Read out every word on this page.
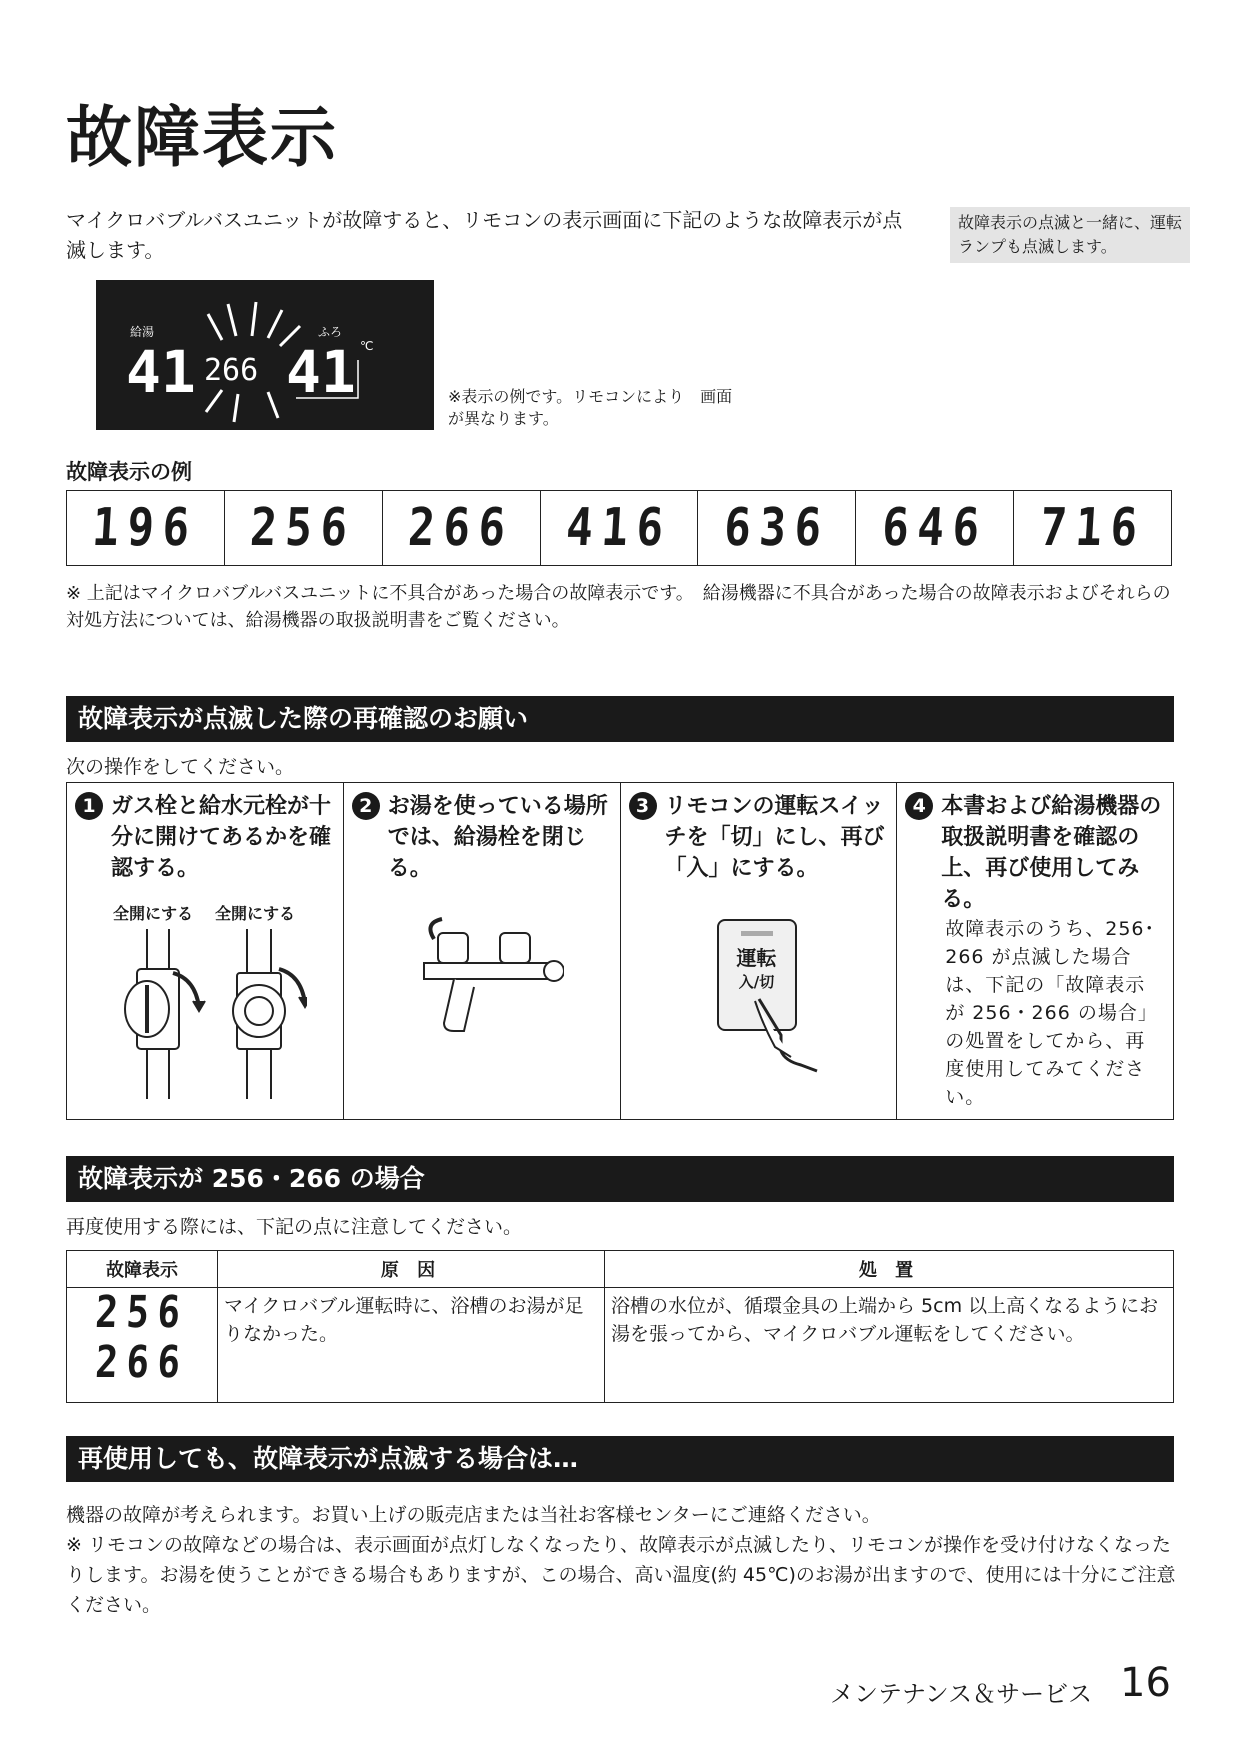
故障表示
マイクロバブルバスユニットが故障すると、リモコンの表示画面に下記のような故障表示が点滅します。
故障表示の点滅と一緒に、運転ランプも点滅します。
給湯	ふろ
41 266 41 ℃
※表示の例です。リモコンにより　画面が異なります。
故障表示の例
196 256 266 416 636 646 716
※ 上記はマイクロバブルバスユニットに不具合があった場合の故障表示です。　給湯機器に不具合があった場合の故障表示およびそれらの対処方法については、給湯機器の取扱説明書をご覧ください。
故障表示が点滅した際の再確認のお願い
次の操作をしてください。
1 ガス栓と給水元栓が十分に開けてあるかを確認する。
全開にする 全開にする
2 お湯を使っている場所では、給湯栓を閉じる。
3 リモコンの運転スイッチを「切」にし、再び「入」にする。
運転
入/切
4 本書および給湯機器の取扱説明書を確認の上、再び使用してみる。
故障表示のうち、256･266 が点滅した場合は、下記の「故障表示が 256・266 の場合」の処置をしてから、再度使用してみてください。
故障表示が 256・266 の場合
再度使用する際には、下記の点に注意してください。
故障表示	原 因	処 置

256
266	マイクロバブル運転時に、浴槽のお湯が足りなかった。	浴槽の水位が、循環金具の上端から 5cm 以上高くなるようにお湯を張ってから、マイクロバブル運転をしてください。
再使用しても、故障表示が点滅する場合は…
機器の故障が考えられます。お買い上げの販売店または当社お客様センターにご連絡ください。
※ リモコンの故障などの場合は、表示画面が点灯しなくなったり、故障表示が点滅したり、リモコンが操作を受け付けなくなったりします。お湯を使うことができる場合もありますが、この場合、高い温度(約 45℃)のお湯が出ますので、使用には十分にご注意ください。
メンテナンス＆サービス 16
